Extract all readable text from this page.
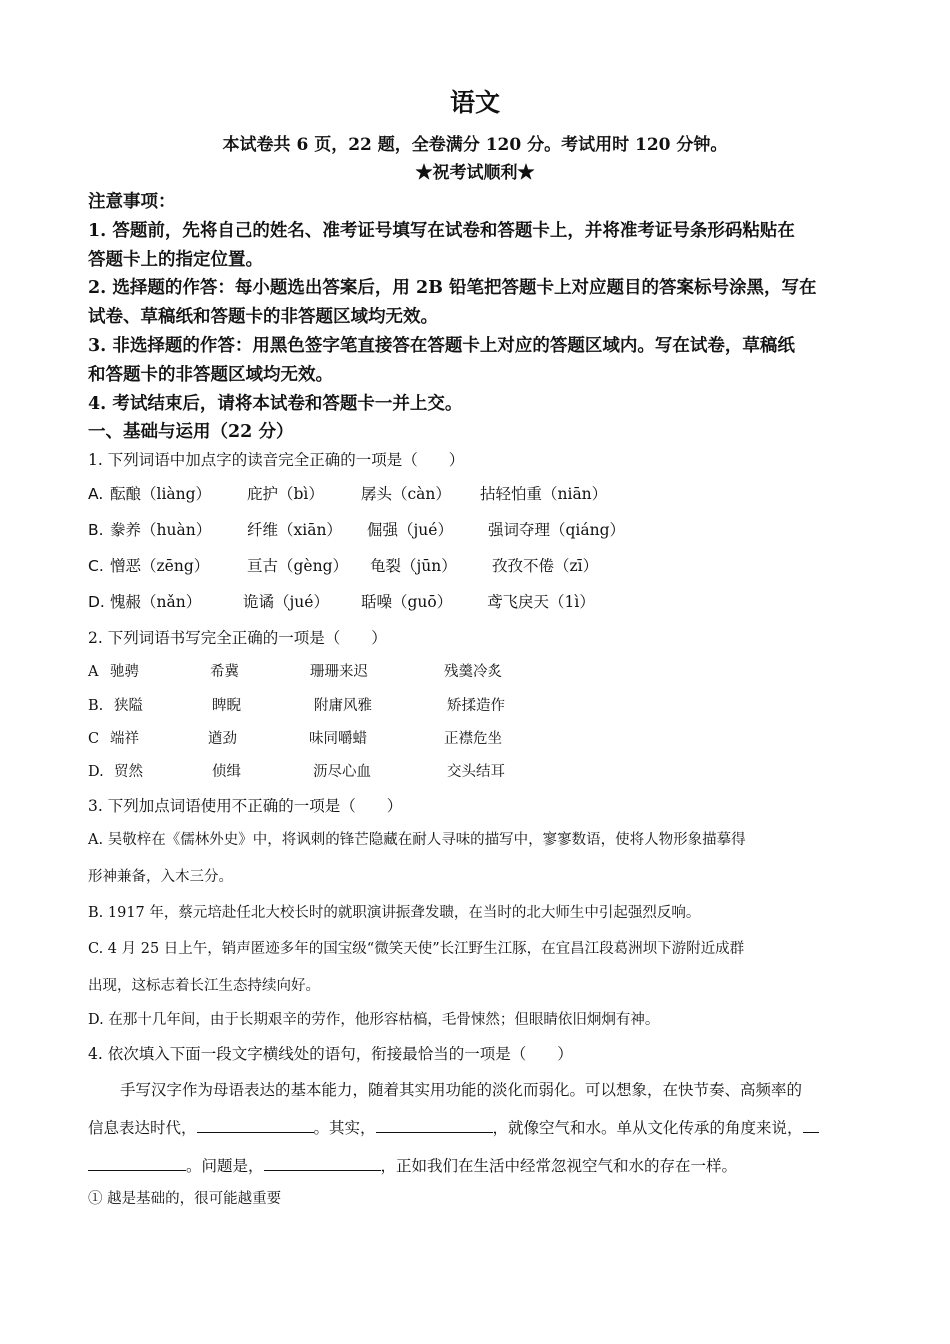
语文
本试卷共 6 页，22 题，全卷满分 120 分。考试用时 120 分钟。
★祝考试顺利★
注意事项：
1. 答题前，先将自己的姓名、准考证号填写在试卷和答题卡上，并将准考证号条形码粘贴在
答题卡上的指定位置。
2. 选择题的作答：每小题选出答案后，用 2B 铅笔把答题卡上对应题目的答案标号涂黑，写在
试卷、草稿纸和答题卡的非答题区域均无效。
3. 非选择题的作答：用黑色签字笔直接答在答题卡上对应的答题区域内。写在试卷，草稿纸
和答题卡的非答题区域均无效。
4. 考试结束后，请将本试卷和答题卡一并上交。
一、基础与运用（22 分）
1. 下列词语中加点字的读音完全正确的一项是（　　）
A. 酝酿（liàng） 庇护（bì） 孱头（càn） 拈轻怕重（niān）
B. 豢养（huàn） 纤维（xiān） 倔强（jué） 强词夺理（qiáng）
C. 憎恶（zēng） 亘古（gèng） 龟裂（jūn） 孜孜不倦（zī）
D. 愧赧（nǎn）	诡谲（jué） 聒噪（guō） 鸢飞戾天（1ì）
2. 下列词语书写完全正确的一项是（　　）
A 驰骋	希冀	珊珊来迟	残羹冷炙
B. 狭隘	睥睨	附庸风雅	矫揉造作
C 端祥	遒劲	味同嚼蜡	正襟危坐
D. 贸然	侦缉	沥尽心血	交头结耳
3. 下列加点词语使用不正确的一项是（　　）
A. 吴敬梓在《儒林外史》中，将讽刺的锋芒隐藏在耐人寻味的描写中，寥寥数语，使将人物形象描摹得
形神兼备，入木三分。
B. 1917 年，蔡元培赴任北大校长时的就职演讲振聋发聩，在当时的北大师生中引起强烈反响。
C. 4 月 25 日上午，销声匿迹多年的国宝级“微笑天使”长江野生江豚，在宜昌江段葛洲坝下游附近成群
出现，这标志着长江生态持续向好。
D. 在那十几年间，由于长期艰辛的劳作，他形容枯槁，毛骨悚然；但眼睛依旧炯炯有神。
4. 依次填入下面一段文字横线处的语句，衔接最恰当的一项是（　　）
手写汉字作为母语表达的基本能力，随着其实用功能的淡化而弱化。可以想象，在快节奏、高频率的
信息表达时代，	。其实，	，就像空气和水。单从文化传承的角度来说，
。问题是，	，正如我们在生活中经常忽视空气和水的存在一样。
① 越是基础的，很可能越重要
